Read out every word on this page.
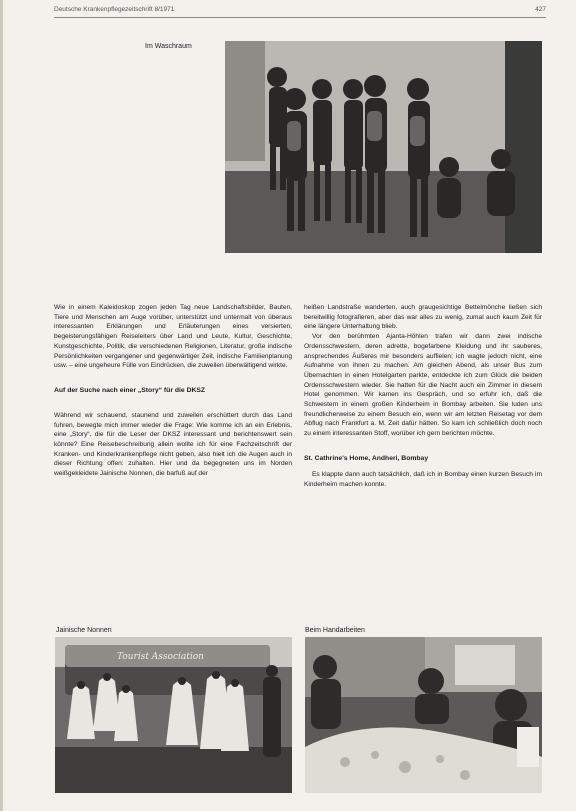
Deutsche Krankenpflegezeitschrift 8/1971	427
Im Waschraum

Wie in einem Kaleidoskop zogen jeden Tag neue Landschaftsbilder, Bauten, Tiere und Menschen am Auge vorüber, unterstützt und untermalt von überaus interessanten Erklärungen und Erläuterungen eines versierten, begeisterungsfähigen Reiseleiters über Land und Leute, Kultur, Geschichte, Kunstgeschichte, Politik, die verschiedenen Religionen, Literatur, große indische Persönlichkeiten vergangener und gegenwärtiger Zeit, indische Familienplanung usw. – eine ungeheure Fülle von Eindrücken, die zuweilen überwältigend wirkte.

Auf der Suche nach einer „Story“ für die DKSZ

Während wir schauend, staunend und zuweilen erschüttert durch das Land fuhren, bewegte mich immer wieder die Frage: Wie komme ich an ein Erlebnis, eine „Story“, die für die Leser der DKSZ interessant und berichtenswert sein könnte? Eine Reisebeschreibung allein wollte ich für eine Fachzeitschrift der Kranken- und Kinderkrankenpflege nicht geben, also hielt ich die Augen auch in dieser Richtung offen: zuhalten. Hier und da begegneten uns im Norden weißgekleidete Jainische Nonnen, die barfuß auf der

heißen Landstraße wanderten, auch graugesichtige Bettelmönche ließen sich bereitwillig fotografieren, aber das war alles zu wenig, zumal auch kaum Zeit für eine längere Unterhaltung blieb.

Vor den berühmten Ajanta-Höhlen trafen wir dann zwei indische Ordensschwestern, deren adrette, bogefarbene Kleidung und ihr sauberes, ansprechendes Äußeres mir besonders auffielen; ich wagte jedoch nicht, eine Aufnahme von ihnen zu machen. Am gleichen Abend, als unser Bus zum Übernachten in einen Hotelgarten parkte, entdeckte ich zum Glück die beiden Ordensschwestern wieder. Sie hatten für die Nacht auch ein Zimmer in diesem Hotel genommen. Wir kamen ins Gespräch, und so erfuhr ich, daß die Schwestern in einem großen Kinderheim in Bombay arbeiten. Sie luden uns freundlicherweise zu einem Besuch ein, wenn wir am letzten Reisetag vor dem Abflug nach Frankfurt a. M. Zeit dafür hätten. So kam ich schließlich doch noch zu einem interessanten Stoff, worüber ich gern berichten möchte.

St. Cathrine's Home, Andheri, Bombay

Es klappte dann auch tatsächlich, daß ich in Bombay einen kurzen Besuch im Kinderheim machen konnte.

Jainische Nonnen	Beim Handarbeiten
Tourist Association
